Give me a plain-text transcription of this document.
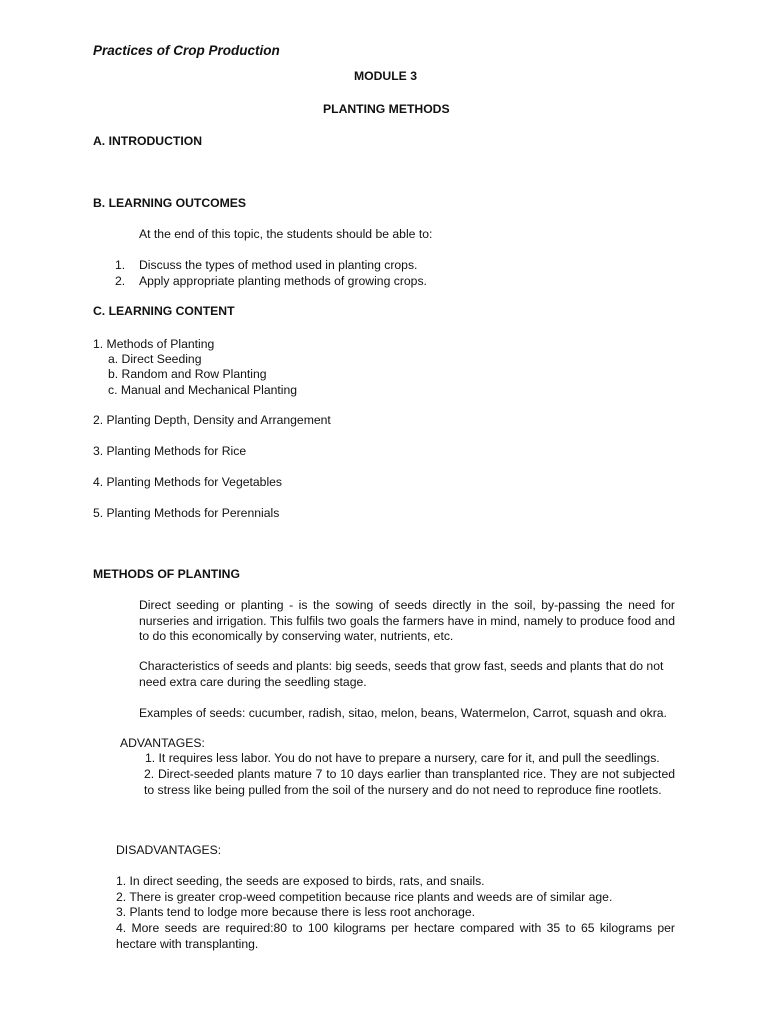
Practices of Crop Production
MODULE 3
PLANTING METHODS
A. INTRODUCTION
B. LEARNING OUTCOMES
At the end of this topic, the students should be able to:
1. Discuss the types of method used in planting crops.
2. Apply appropriate planting methods of growing crops.
C. LEARNING CONTENT
1. Methods of Planting
a. Direct Seeding
b. Random and Row Planting
c. Manual and Mechanical Planting
2. Planting Depth, Density and Arrangement
3. Planting Methods for Rice
4. Planting Methods for Vegetables
5. Planting Methods for Perennials
METHODS OF PLANTING
Direct seeding or planting - is the sowing of seeds directly in the soil, by-passing the need for nurseries and irrigation. This fulfils two goals the farmers have in mind, namely to produce food and to do this economically by conserving water, nutrients, etc.
Characteristics of seeds and plants: big seeds, seeds that grow fast, seeds and plants that do not need extra care during the seedling stage.
Examples of seeds: cucumber, radish, sitao, melon, beans, Watermelon, Carrot, squash and okra.
ADVANTAGES:
1. It requires less labor. You do not have to prepare a nursery, care for it, and pull the seedlings.
2. Direct-seeded plants mature 7 to 10 days earlier than transplanted rice. They are not subjected to stress like being pulled from the soil of the nursery and do not need to reproduce fine rootlets.
DISADVANTAGES:
1. In direct seeding, the seeds are exposed to birds, rats, and snails.
2. There is greater crop-weed competition because rice plants and weeds are of similar age.
3. Plants tend to lodge more because there is less root anchorage.
4. More seeds are required:80 to 100 kilograms per hectare compared with 35 to 65 kilograms per hectare with transplanting.
